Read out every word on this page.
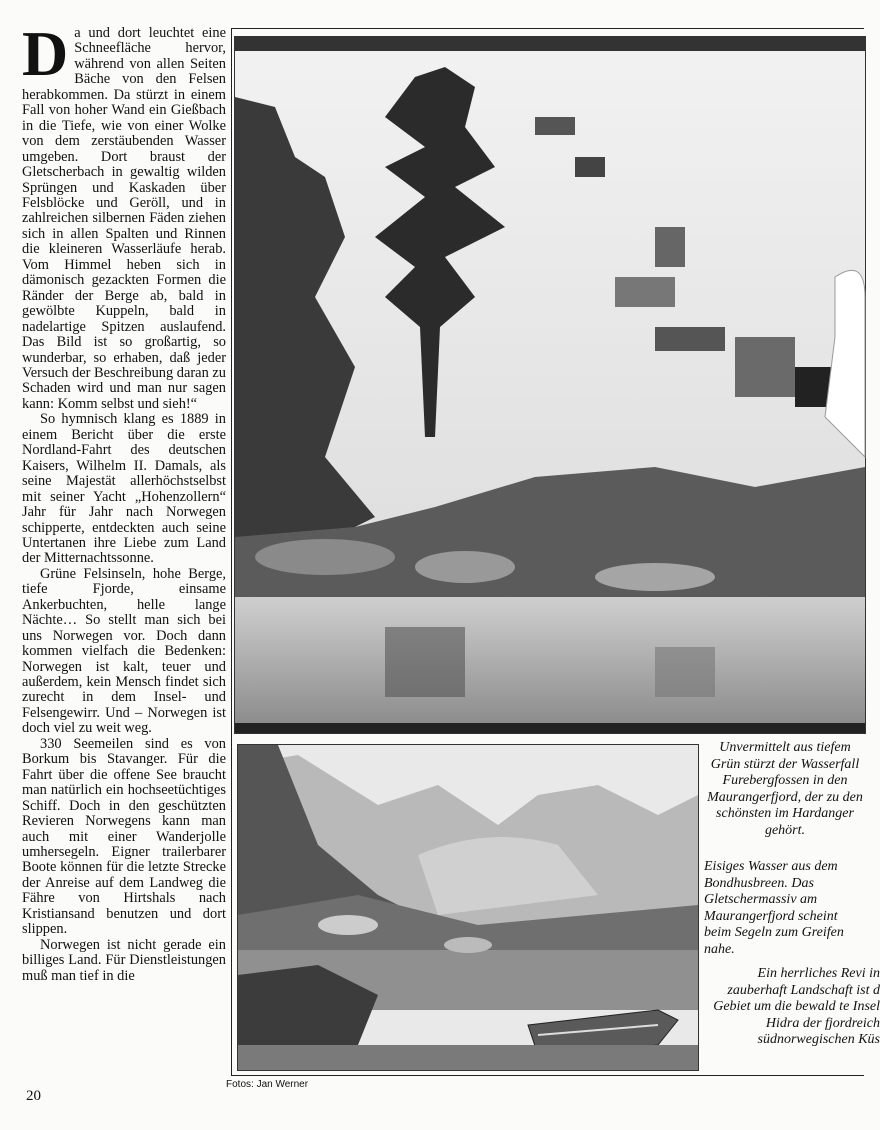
Da und dort leuchtet eine Schneefläche hervor, während von allen Seiten Bäche von den Felsen herabkommen. Da stürzt in einem Fall von hoher Wand ein Gießbach in die Tiefe, wie von einer Wolke von dem zerstäubenden Wasser umgeben. Dort braust der Gletscherbach in gewaltig wilden Sprüngen und Kaskaden über Felsblöcke und Geröll, und in zahlreichen silbernen Fäden ziehen sich in allen Spalten und Rinnen die kleineren Wasserläufe herab. Vom Himmel heben sich in dämonisch gezackten Formen die Ränder der Berge ab, bald in gewölbte Kuppeln, bald in nadelartige Spitzen auslaufend. Das Bild ist so großartig, so wunderbar, so erhaben, daß jeder Versuch der Beschreibung daran zu Schaden wird und man nur sagen kann: Komm selbst und sieh!“

So hymnisch klang es 1889 in einem Bericht über die erste Nordland-Fahrt des deutschen Kaisers, Wilhelm II. Damals, als seine Majestät allerhöchstselbst mit seiner Yacht „Hohenzollern“ Jahr für Jahr nach Norwegen schipperte, entdeckten auch seine Untertanen ihre Liebe zum Land der Mitternachtssonne.

Grüne Felsinseln, hohe Berge, tiefe Fjorde, einsame Ankerbuchten, helle lange Nächte… So stellt man sich bei uns Norwegen vor. Doch dann kommen vielfach die Bedenken: Norwegen ist kalt, teuer und außerdem, kein Mensch findet sich zurecht in dem Insel- und Felsengewirr. Und – Norwegen ist doch viel zu weit weg.

330 Seemeilen sind es von Borkum bis Stavanger. Für die Fahrt über die offene See braucht man natürlich ein hochseetüchtiges Schiff. Doch in den geschützten Revieren Norwegens kann man auch mit einer Wanderjolle umhersegeln. Eigner trailerbarer Boote können für die letzte Strecke der Anreise auf dem Landweg die Fähre von Hirtshals nach Kristiansand benutzen und dort slippen.

Norwegen ist nicht gerade ein billiges Land. Für Dienstleistungen muß man tief in die

Unvermittelt aus tiefem Grün stürzt der Wasserfall Furebergfossen in den Maurangerfjord, der zu den schönsten im Hardanger gehört.

Eisiges Wasser aus dem Bondhusbreen. Das Gletschermassiv am Maurangerfjord scheint beim Segeln zum Greifen nahe.

Ein herrliches Revi in zauberhaft Landschaft ist d Gebiet um die bewald te Insel Hidra der fjordreich südnorwegischen Küs

Fotos: Jan Werner
20
